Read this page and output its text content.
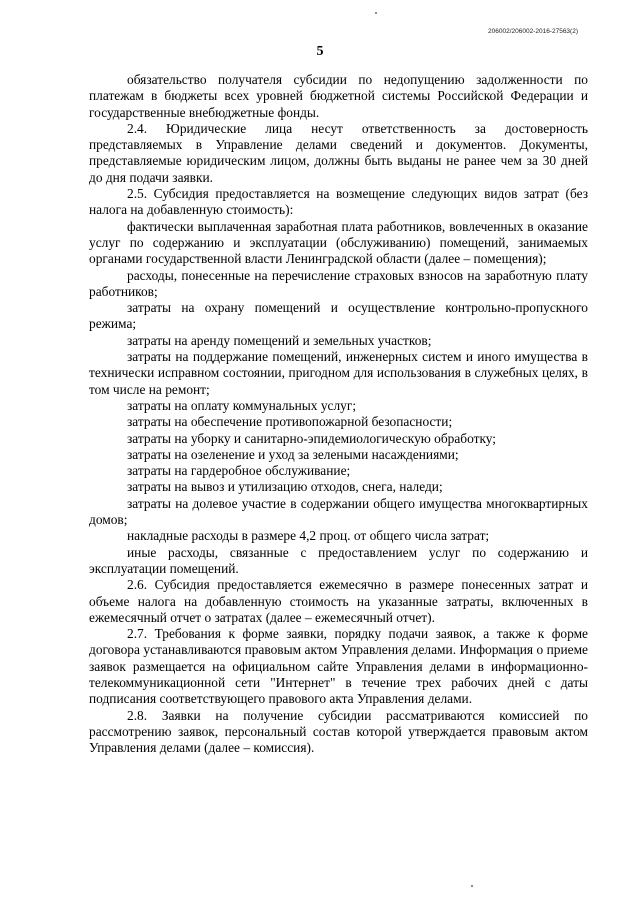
206002/206002-2016-27563(2)
5

обязательство получателя субсидии по недопущению задолженности по платежам в бюджеты всех уровней бюджетной системы Российской Федерации и государственные внебюджетные фонды.

2.4. Юридические лица несут ответственность за достоверность представляемых в Управление делами сведений и документов. Документы, представляемые юридическим лицом, должны быть выданы не ранее чем за 30 дней до дня подачи заявки.

2.5. Субсидия предоставляется на возмещение следующих видов затрат (без налога на добавленную стоимость):

фактически выплаченная заработная плата работников, вовлеченных в оказание услуг по содержанию и эксплуатации (обслуживанию) помещений, занимаемых органами государственной власти Ленинградской области (далее – помещения);

расходы, понесенные на перечисление страховых взносов на заработную плату работников;

затраты на охрану помещений и осуществление контрольно-пропускного режима;

затраты на аренду помещений и земельных участков;

затраты на поддержание помещений, инженерных систем и иного имущества в технически исправном состоянии, пригодном для использования в служебных целях, в том числе на ремонт;

затраты на оплату коммунальных услуг;

затраты на обеспечение противопожарной безопасности;

затраты на уборку и санитарно-эпидемиологическую обработку;

затраты на озеленение и уход за зелеными насаждениями;

затраты на гардеробное обслуживание;

затраты на вывоз и утилизацию отходов, снега, наледи;

затраты на долевое участие в содержании общего имущества многоквартирных домов;

накладные расходы в размере 4,2 проц. от общего числа затрат;

иные расходы, связанные с предоставлением услуг по содержанию и эксплуатации помещений.

2.6. Субсидия предоставляется ежемесячно в размере понесенных затрат и объеме налога на добавленную стоимость на указанные затраты, включенных в ежемесячный отчет о затратах (далее – ежемесячный отчет).

2.7. Требования к форме заявки, порядку подачи заявок, а также к форме договора устанавливаются правовым актом Управления делами. Информация о приеме заявок размещается на официальном сайте Управления делами в информационно-телекоммуникационной сети "Интернет" в течение трех рабочих дней с даты подписания соответствующего правового акта Управления делами.

2.8. Заявки на получение субсидии рассматриваются комиссией по рассмотрению заявок, персональный состав которой утверждается правовым актом Управления делами (далее – комиссия).
